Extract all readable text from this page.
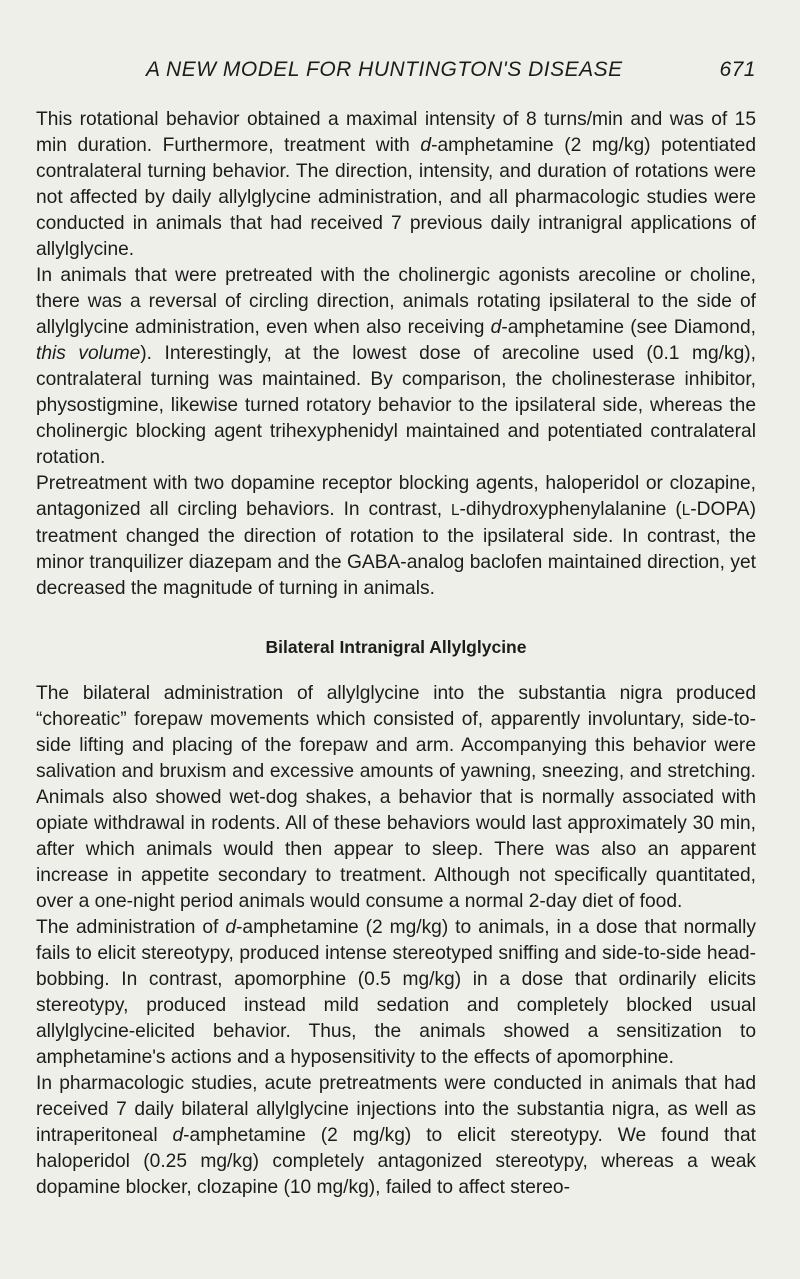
A NEW MODEL FOR HUNTINGTON'S DISEASE	671

This rotational behavior obtained a maximal intensity of 8 turns/min and was of 15 min duration. Furthermore, treatment with d-amphetamine (2 mg/kg) potentiated contralateral turning behavior. The direction, intensity, and duration of rotations were not affected by daily allylglycine administration, and all pharmacologic studies were conducted in animals that had received 7 previous daily intranigral applications of allylglycine.

In animals that were pretreated with the cholinergic agonists arecoline or choline, there was a reversal of circling direction, animals rotating ipsilateral to the side of allylglycine administration, even when also receiving d-amphetamine (see Diamond, this volume). Interestingly, at the lowest dose of arecoline used (0.1 mg/kg), contralateral turning was maintained. By comparison, the cholinesterase inhibitor, physostigmine, likewise turned rotatory behavior to the ipsilateral side, whereas the cholinergic blocking agent trihexyphenidyl maintained and potentiated contralateral rotation.

Pretreatment with two dopamine receptor blocking agents, haloperidol or clozapine, antagonized all circling behaviors. In contrast, L-dihydroxyphenylalanine (L-DOPA) treatment changed the direction of rotation to the ipsilateral side. In contrast, the minor tranquilizer diazepam and the GABA-analog baclofen maintained direction, yet decreased the magnitude of turning in animals.

Bilateral Intranigral Allylglycine

The bilateral administration of allylglycine into the substantia nigra produced “choreatic” forepaw movements which consisted of, apparently involuntary, side-to-side lifting and placing of the forepaw and arm. Accompanying this behavior were salivation and bruxism and excessive amounts of yawning, sneezing, and stretching. Animals also showed wet-dog shakes, a behavior that is normally associated with opiate withdrawal in rodents. All of these behaviors would last approximately 30 min, after which animals would then appear to sleep. There was also an apparent increase in appetite secondary to treatment. Although not specifically quantitated, over a one-night period animals would consume a normal 2-day diet of food.

The administration of d-amphetamine (2 mg/kg) to animals, in a dose that normally fails to elicit stereotypy, produced intense stereotyped sniffing and side-to-side head-bobbing. In contrast, apomorphine (0.5 mg/kg) in a dose that ordinarily elicits stereotypy, produced instead mild sedation and completely blocked usual allylglycine-elicited behavior. Thus, the animals showed a sensitization to amphetamine's actions and a hyposensitivity to the effects of apomorphine.

In pharmacologic studies, acute pretreatments were conducted in animals that had received 7 daily bilateral allylglycine injections into the substantia nigra, as well as intraperitoneal d-amphetamine (2 mg/kg) to elicit stereotypy. We found that haloperidol (0.25 mg/kg) completely antagonized stereotypy, whereas a weak dopamine blocker, clozapine (10 mg/kg), failed to affect stereo-
